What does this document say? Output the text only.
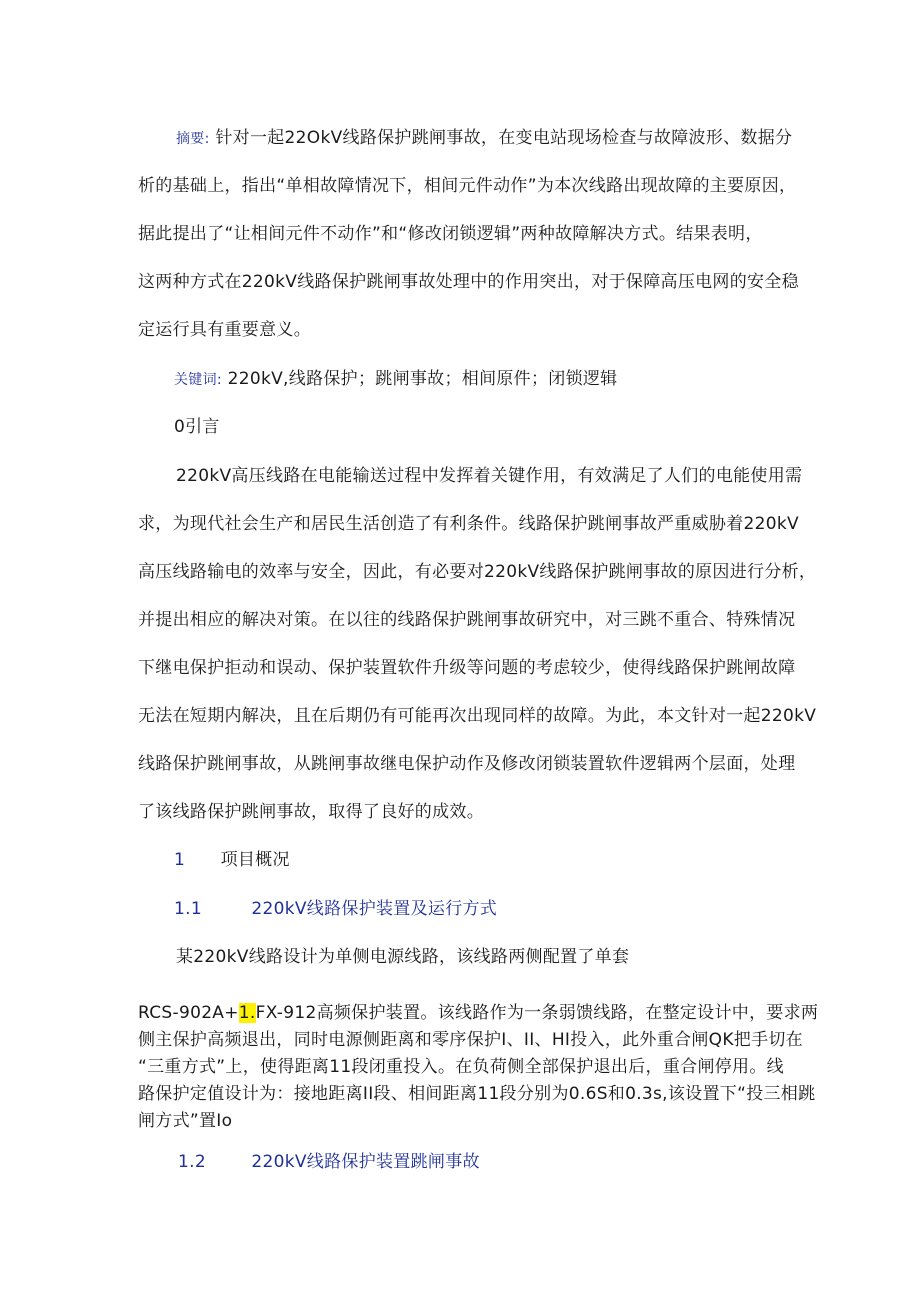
摘要: 针对一起22OkV线路保护跳闸事故，在变电站现场检查与故障波形、数据分
析的基础上，指出“单相故障情况下，相间元件动作”为本次线路出现故障的主要原因，
据此提出了“让相间元件不动作”和“修改闭锁逻辑”两种故障解决方式。结果表明，
这两种方式在220kV线路保护跳闸事故处理中的作用突出，对于保障高压电网的安全稳
定运行具有重要意义。
关键词: 220kV,线路保护；跳闸事故；相间原件；闭锁逻辑
0引言
220kV高压线路在电能输送过程中发挥着关键作用，有效满足了人们的电能使用需
求，为现代社会生产和居民生活创造了有利条件。线路保护跳闸事故严重威胁着220kV
高压线路输电的效率与安全，因此，有必要对220kV线路保护跳闸事故的原因进行分析，
并提出相应的解决对策。在以往的线路保护跳闸事故研究中，对三跳不重合、特殊情况
下继电保护拒动和误动、保护装置软件升级等问题的考虑较少，使得线路保护跳闸故障
无法在短期内解决，且在后期仍有可能再次出现同样的故障。为此，本文针对一起220kV
线路保护跳闸事故，从跳闸事故继电保护动作及修改闭锁装置软件逻辑两个层面，处理
了该线路保护跳闸事故，取得了良好的成效。
1 项目概况
1.1	220kV线路保护装置及运行方式
某220kV线路设计为单侧电源线路，该线路两侧配置了单套
RCS-902A+1.FX-912高频保护装置。该线路作为一条弱馈线路，在整定设计中，要求两
侧主保护高频退出，同时电源侧距离和零序保护I、II、HI投入，此外重合闸QK把手切在
“三重方式”上，使得距离11段闭重投入。在负荷侧全部保护退出后，重合闸停用。线
路保护定值设计为：接地距离II段、相间距离11段分别为0.6S和0.3s,该设置下“投三相跳
闸方式”置Io
1.2	220kV线路保护装置跳闸事故
